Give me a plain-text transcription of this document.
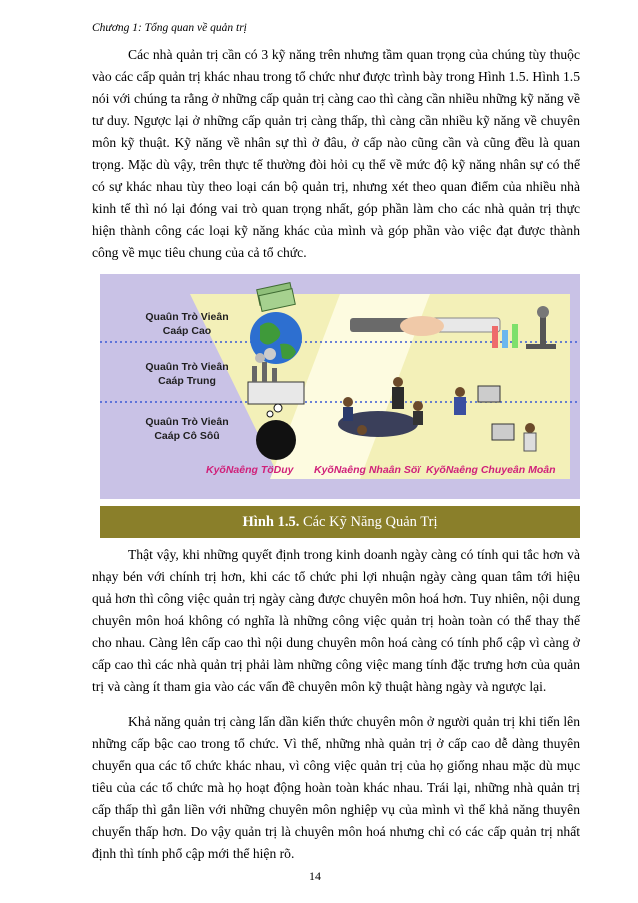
Chương 1: Tổng quan về quản trị

Các nhà quản trị cần có 3 kỹ năng trên nhưng tầm quan trọng của chúng tùy thuộc vào các cấp quản trị khác nhau trong tổ chức như được trình bày trong Hình 1.5. Hình 1.5 nói với chúng ta rằng ở những cấp quản trị càng cao thì càng cần nhiều những kỹ năng về tư duy. Ngược lại ở những cấp quản trị càng thấp, thì càng cần nhiều kỹ năng về chuyên môn kỹ thuật. Kỹ năng về nhân sự thì ở đâu, ở cấp nào cũng cần và cũng đều là quan trọng. Mặc dù vậy, trên thực tế thường đòi hỏi cụ thể về mức độ kỹ năng nhân sự có thể có sự khác nhau tùy theo loại cán bộ quản trị, nhưng xét theo quan điểm của nhiều nhà kinh tế thì nó lại đóng vai trò quan trọng nhất, góp phần làm cho các nhà quản trị thực hiện thành công các loại kỹ năng khác của mình và góp phần vào việc đạt được thành công về mục tiêu chung của cả tổ chức.

Quaûn Trò Vieân
Caáp Cao
Quaûn Trò Vieân
Caáp Trung
Quaûn Trò Vieân
Caáp Cô Sôû
KyõNaêng TöDuy KyõNaêng Nhaân Söï KyõNaêng Chuyeân Moân
Hình 1.5. Các Kỹ Năng Quản Trị

Thật vậy, khi những quyết định trong kinh doanh ngày càng có tính qui tắc hơn và nhạy bén với chính trị hơn, khi các tổ chức phi lợi nhuận ngày càng quan tâm tới hiệu quả hơn thì công việc quản trị ngày càng được chuyên môn hoá hơn. Tuy nhiên, nội dung chuyên môn hoá không có nghĩa là những công việc quản trị hoàn toàn có thể thay thế cho nhau. Càng lên cấp cao thì nội dung chuyên môn hoá càng có tính phổ cập vì càng ở cấp cao thì các nhà quản trị phải làm những công việc mang tính đặc trưng hơn của quản trị và càng ít tham gia vào các vấn đề chuyên môn kỹ thuật hàng ngày và ngược lại.

Khả năng quản trị càng lấn dần kiến thức chuyên môn ở người quản trị khi tiến lên những cấp bậc cao trong tổ chức. Vì thế, những nhà quản trị ở cấp cao dễ dàng thuyên chuyển qua các tổ chức khác nhau, vì công việc quản trị của họ giống nhau mặc dù mục tiêu của các tổ chức mà họ hoạt động hoàn toàn khác nhau. Trái lại, những nhà quản trị cấp thấp thì gắn liền với những chuyên môn nghiệp vụ của mình vì thế khả năng thuyên chuyển thấp hơn. Do vậy quản trị là chuyên môn hoá nhưng chỉ có các cấp quản trị nhất định thì tính phổ cập mới thể hiện rõ.

14
